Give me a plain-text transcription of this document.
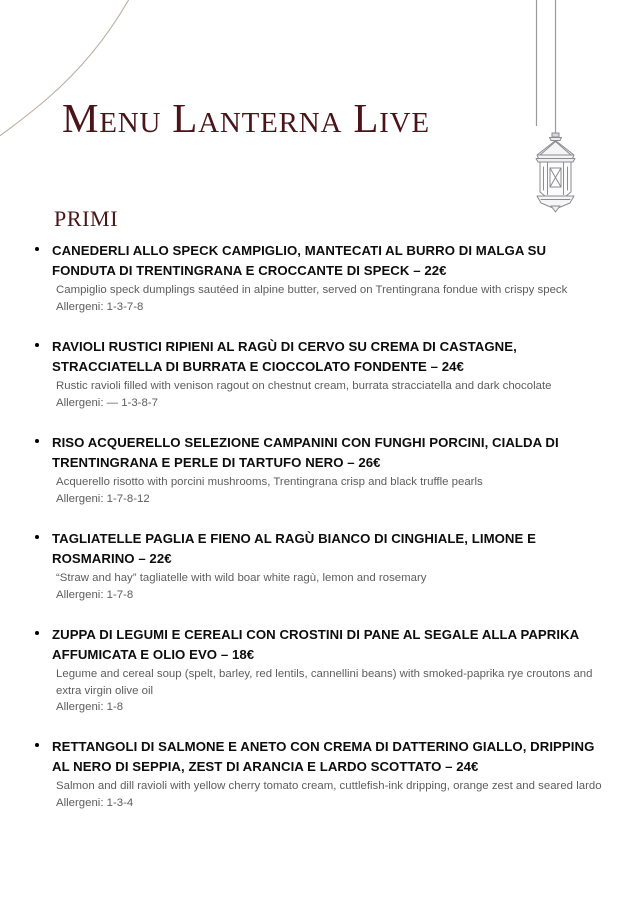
Menu Lanterna Live
PRIMI

CANEDERLI ALLO SPECK CAMPIGLIO, MANTECATI AL BURRO DI MALGA SU FONDUTA DI TRENTINGRANA E CROCCANTE DI SPECK – 22€

Campiglio speck dumplings sautéed in alpine butter, served on Trentingrana fondue with crispy speck

Allergeni: 1-3-7-8

RAVIOLI RUSTICI RIPIENI AL RAGÙ DI CERVO SU CREMA DI CASTAGNE, STRACCIATELLA DI BURRATA E CIOCCOLATO FONDENTE – 24€

Rustic ravioli filled with venison ragout on chestnut cream, burrata stracciatella and dark chocolate

Allergeni: — 1-3-8-7

RISO ACQUERELLO SELEZIONE CAMPANINI CON FUNGHI PORCINI, CIALDA DI TRENTINGRANA E PERLE DI TARTUFO NERO – 26€

Acquerello risotto with porcini mushrooms, Trentingrana crisp and black truffle pearls

Allergeni: 1-7-8-12

TAGLIATELLE PAGLIA E FIENO AL RAGÙ BIANCO DI CINGHIALE, LIMONE E ROSMARINO – 22€

“Straw and hay” tagliatelle with wild boar white ragù, lemon and rosemary

Allergeni: 1-7-8

ZUPPA DI LEGUMI E CEREALI CON CROSTINI DI PANE AL SEGALE ALLA PAPRIKA AFFUMICATA E OLIO EVO – 18€

Legume and cereal soup (spelt, barley, red lentils, cannellini beans) with smoked-paprika rye croutons and extra virgin olive oil

Allergeni: 1-8

RETTANGOLI DI SALMONE E ANETO CON CREMA DI DATTERINO GIALLO, DRIPPING AL NERO DI SEPPIA, ZEST DI ARANCIA E LARDO SCOTTATO – 24€

Salmon and dill ravioli with yellow cherry tomato cream, cuttlefish-ink dripping, orange zest and seared lardo

Allergeni: 1-3-4
